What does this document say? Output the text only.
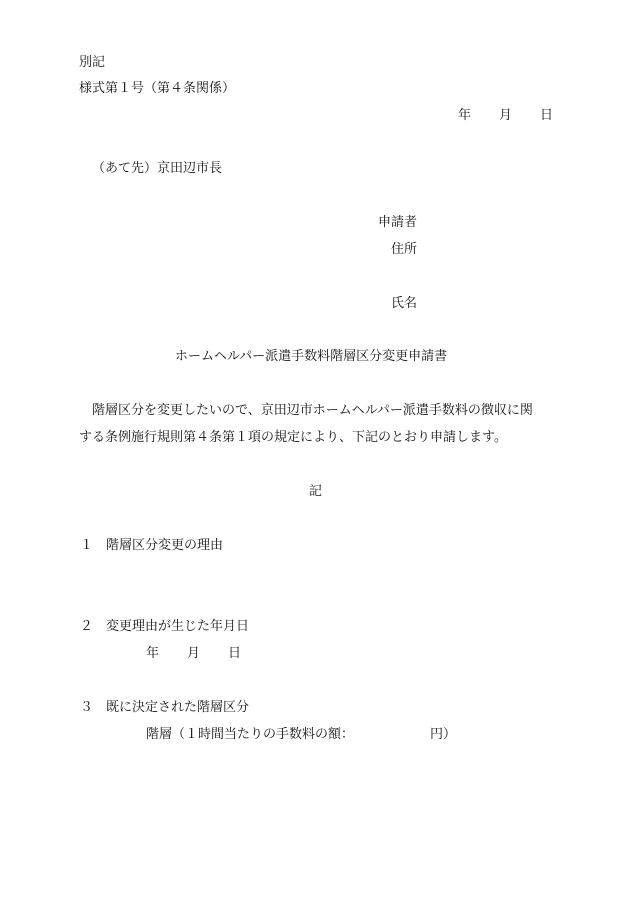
別記
様式第１号（第４条関係）
年 月 日
（あて先）京田辺市長
申請者
住所
氏名
ホームヘルパー派遣手数料階層区分変更申請書
階層区分を変更したいので、京田辺市ホームヘルパー派遣手数料の徴収に関
する条例施行規則第４条第１項の規定により、下記のとおり申請します。
記
１ 階層区分変更の理由
２ 変更理由が生じた年月日
年 月 日
３ 既に決定された階層区分
階層（１時間当たりの手数料の額：	円）
